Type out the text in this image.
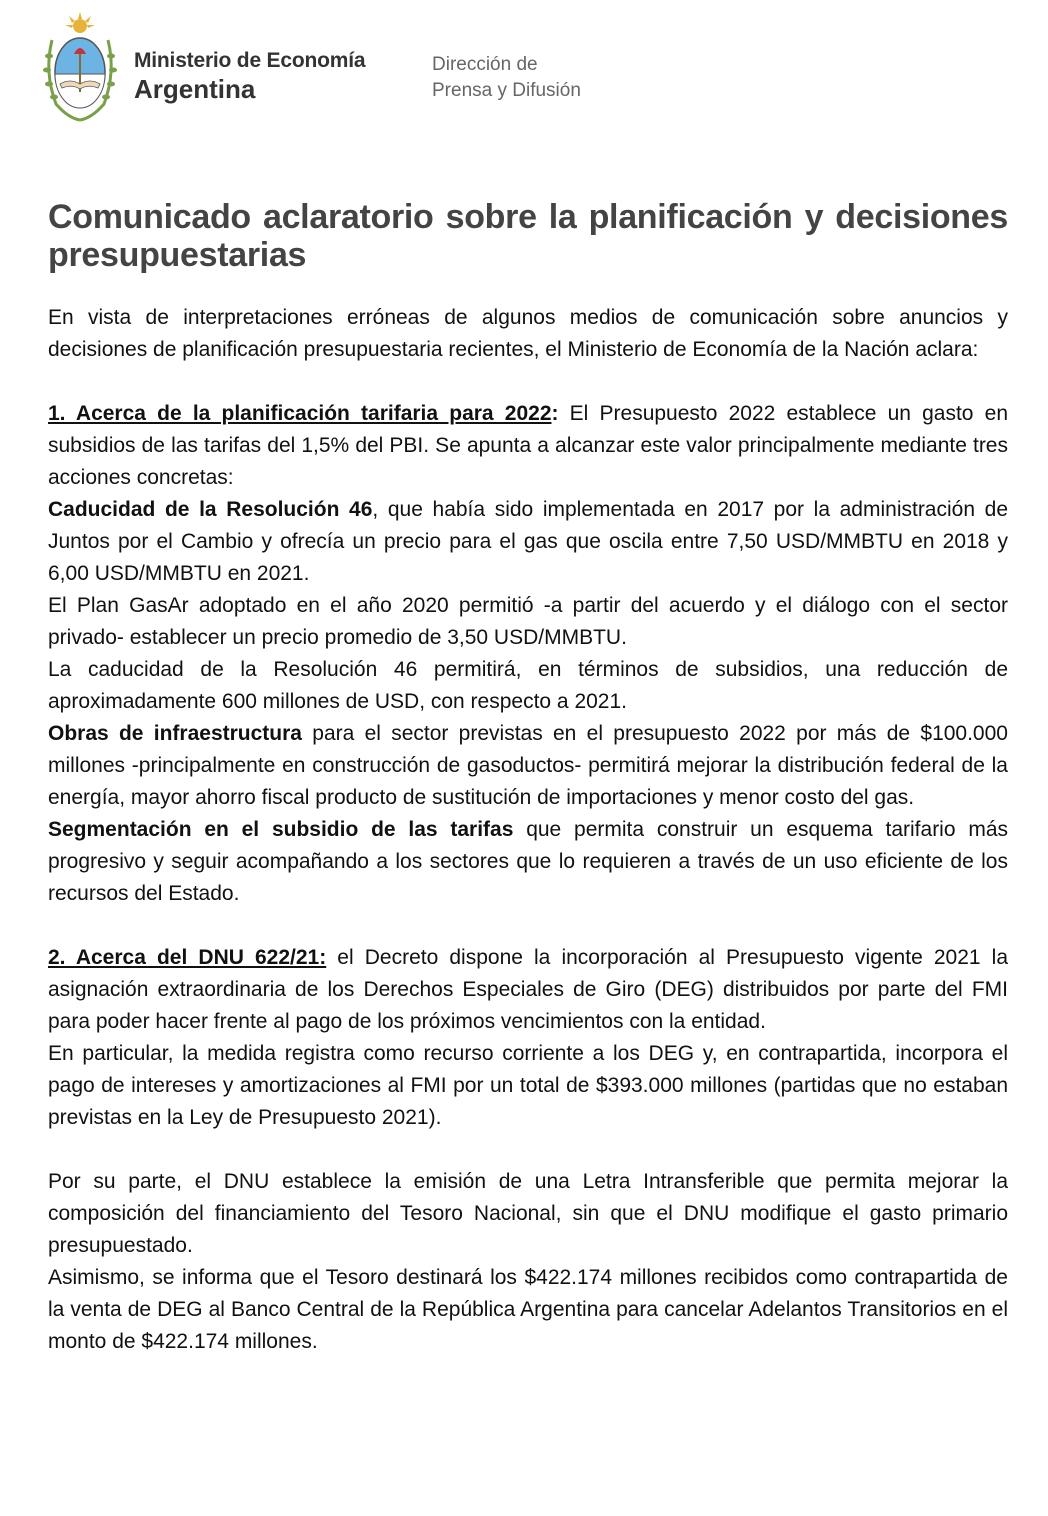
Ministerio de Economía
Argentina
Dirección de
Prensa y Difusión
Comunicado aclaratorio sobre la planificación y decisiones presupuestarias

En vista de interpretaciones erróneas de algunos medios de comunicación sobre anuncios y decisiones de planificación presupuestaria recientes, el Ministerio de Economía de la Nación aclara:

1. Acerca de la planificación tarifaria para 2022: El Presupuesto 2022 establece un gasto en subsidios de las tarifas del 1,5% del PBI. Se apunta a alcanzar este valor principalmente mediante tres acciones concretas:

Caducidad de la Resolución 46, que había sido implementada en 2017 por la administración de Juntos por el Cambio y ofrecía un precio para el gas que oscila entre 7,50 USD/MMBTU en 2018 y 6,00 USD/MMBTU en 2021.

El Plan GasAr adoptado en el año 2020 permitió -a partir del acuerdo y el diálogo con el sector privado- establecer un precio promedio de 3,50 USD/MMBTU.

La caducidad de la Resolución 46 permitirá, en términos de subsidios, una reducción de aproximadamente 600 millones de USD, con respecto a 2021.

Obras de infraestructura para el sector previstas en el presupuesto 2022 por más de $100.000 millones -principalmente en construcción de gasoductos- permitirá mejorar la distribución federal de la energía, mayor ahorro fiscal producto de sustitución de importaciones y menor costo del gas.

Segmentación en el subsidio de las tarifas que permita construir un esquema tarifario más progresivo y seguir acompañando a los sectores que lo requieren a través de un uso eficiente de los recursos del Estado.

2. Acerca del DNU 622/21: el Decreto dispone la incorporación al Presupuesto vigente 2021 la asignación extraordinaria de los Derechos Especiales de Giro (DEG) distribuidos por parte del FMI para poder hacer frente al pago de los próximos vencimientos con la entidad.

En particular, la medida registra como recurso corriente a los DEG y, en contrapartida, incorpora el pago de intereses y amortizaciones al FMI por un total de $393.000 millones (partidas que no estaban previstas en la Ley de Presupuesto 2021).

Por su parte, el DNU establece la emisión de una Letra Intransferible que permita mejorar la composición del financiamiento del Tesoro Nacional, sin que el DNU modifique el gasto primario presupuestado.

Asimismo, se informa que el Tesoro destinará los $422.174 millones recibidos como contrapartida de la venta de DEG al Banco Central de la República Argentina para cancelar Adelantos Transitorios en el monto de $422.174 millones.
